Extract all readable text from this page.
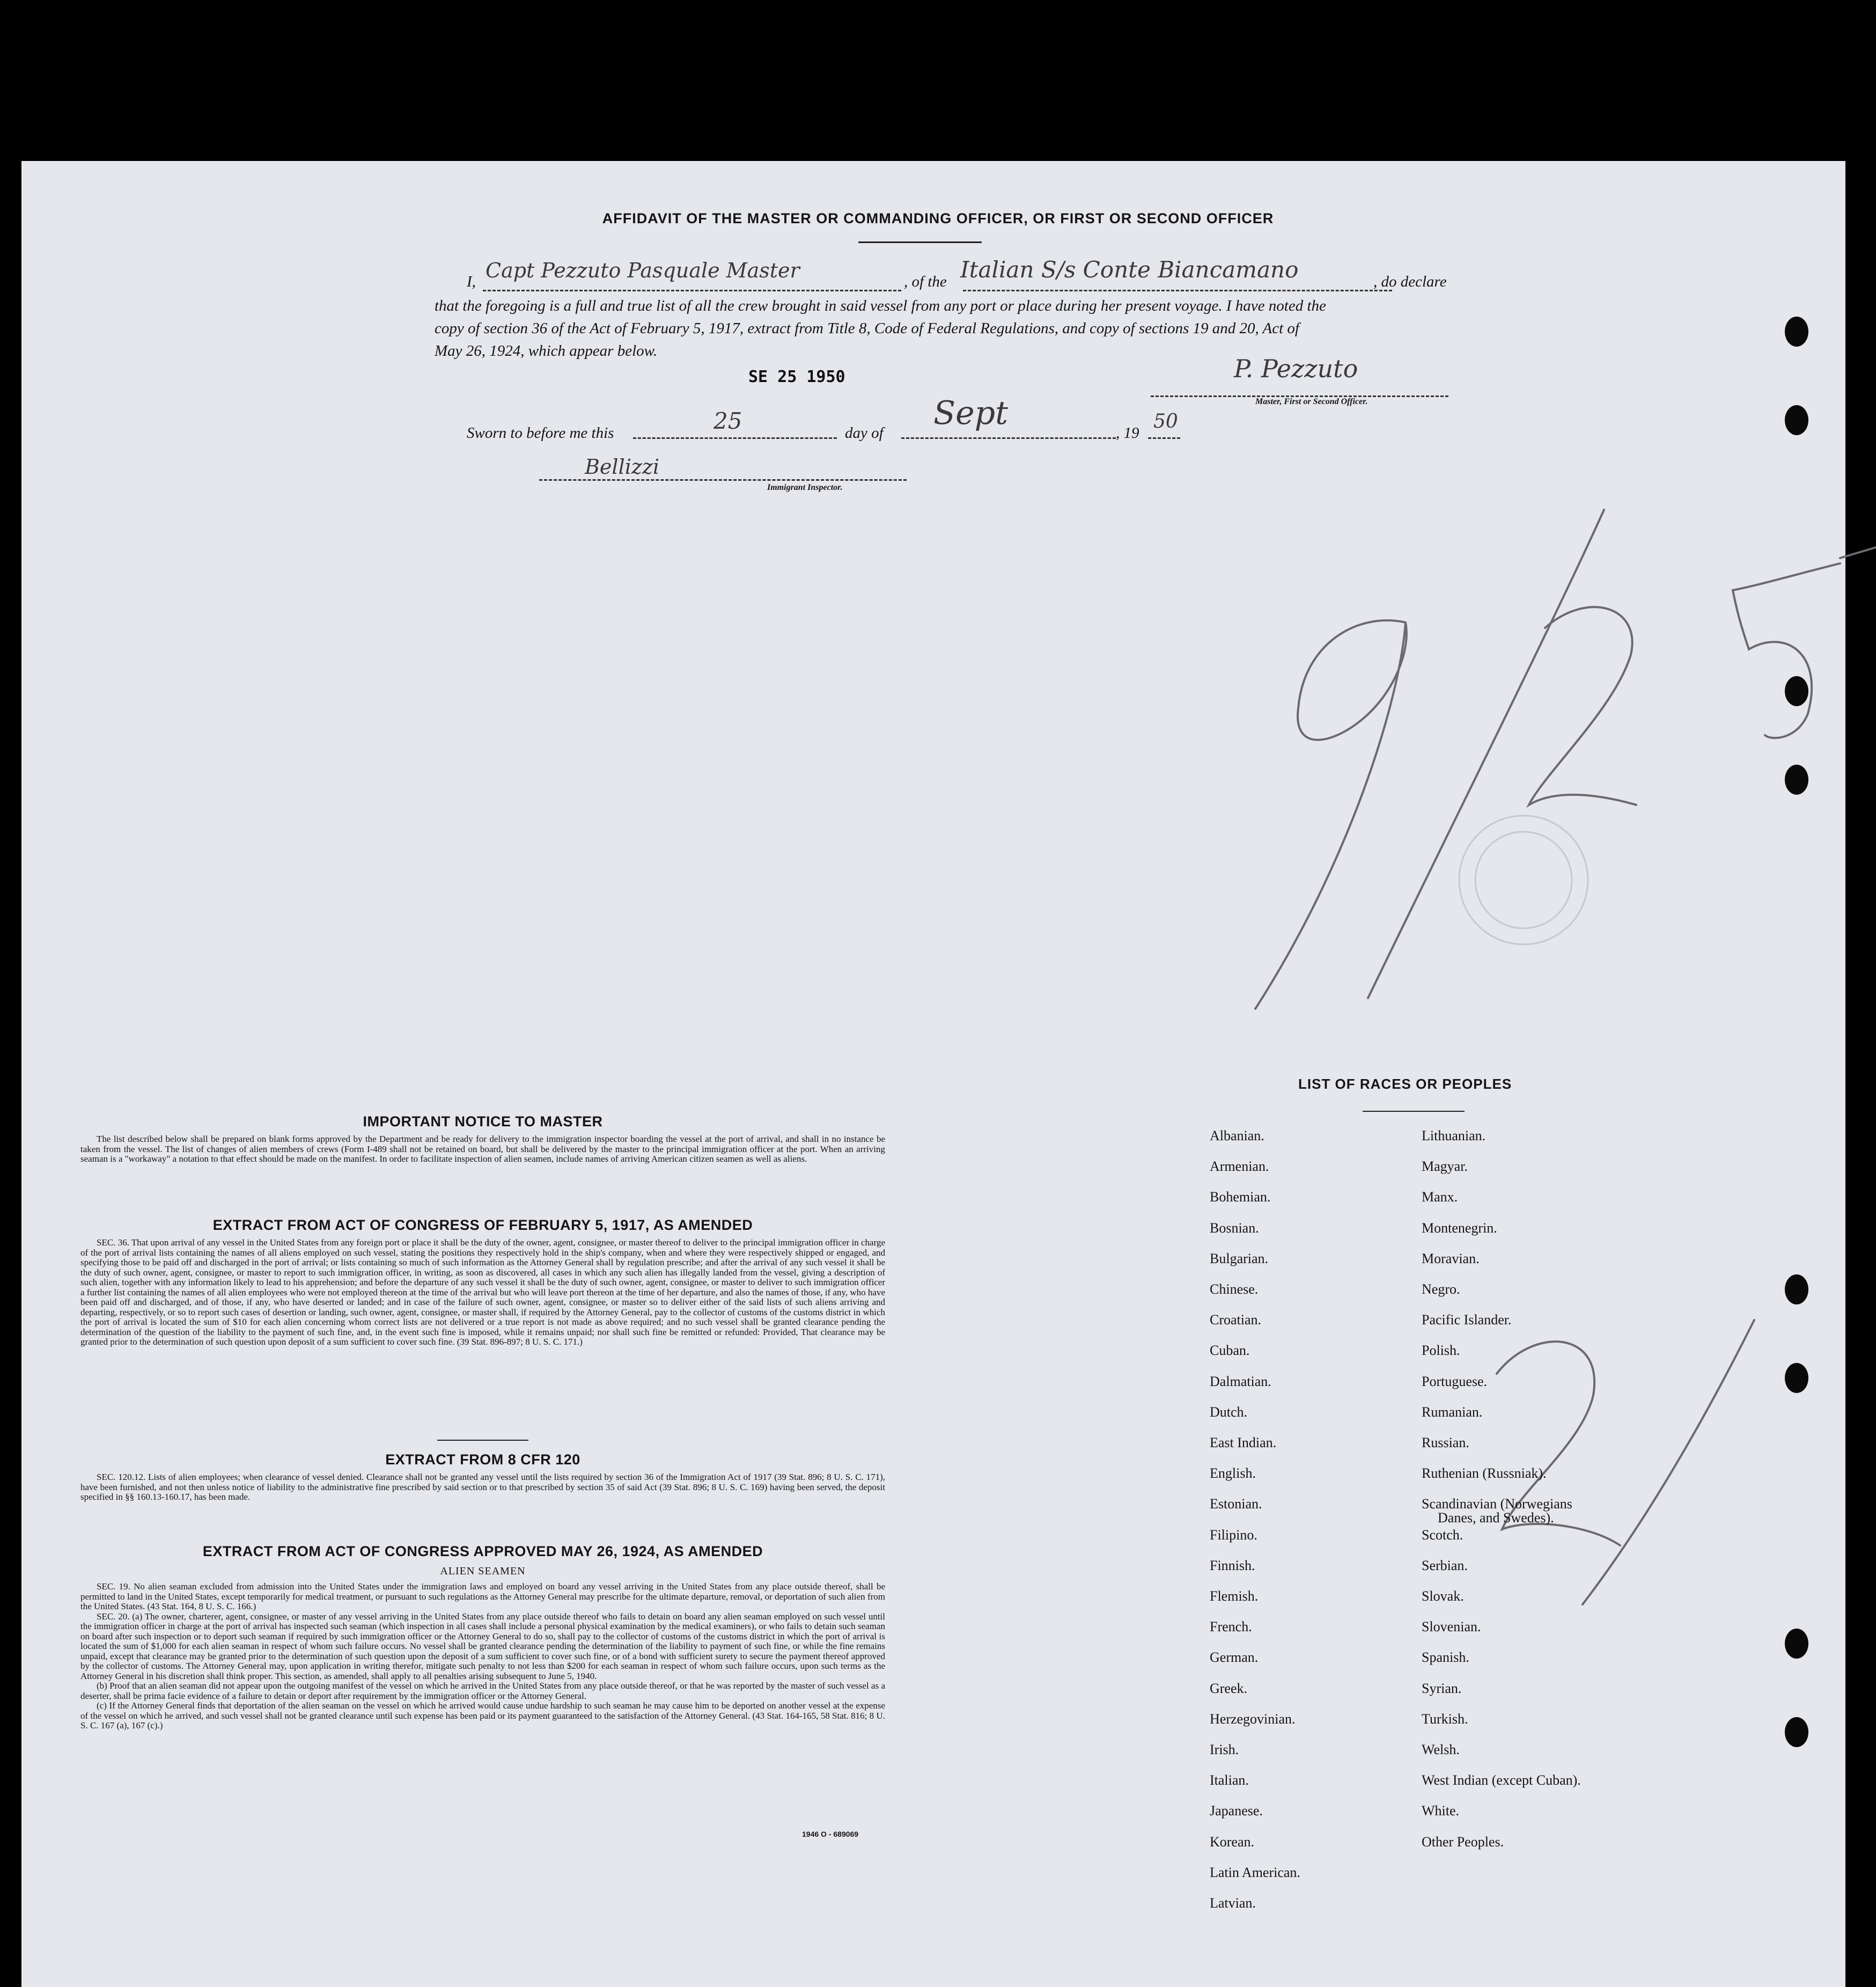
AFFIDAVIT OF THE MASTER OR COMMANDING OFFICER, OR FIRST OR SECOND OFFICER
I, Capt Pezzuto Pasquale Master	, of the Italian S/s Conte Biancamano	, do declare
that the foregoing is a full and true list of all the crew brought in said vessel from any port or place during her present voyage. I have noted the
copy of section 36 of the Act of February 5, 1917, extract from Title 8, Code of Federal Regulations, and copy of sections 19 and 20, Act of
May 26, 1924, which appear below.
SE 25 1950	P. Pezzuto
Master, First or Second Officer.
Sworn to before me this	25	day of
Sept
, 19
50
Bellizzi
Immigrant Inspector.
IMPORTANT NOTICE TO MASTER

The list described below shall be prepared on blank forms approved by the Department and be ready for delivery to the immigration inspector boarding the vessel at the port of arrival, and shall in no instance be taken from the vessel. The list of changes of alien members of crews (Form I-489 shall not be retained on board, but shall be delivered by the master to the principal immigration officer at the port. When an arriving seaman is a "workaway" a notation to that effect should be made on the manifest. In order to facilitate inspection of alien seamen, include names of arriving American citizen seamen as well as aliens.

EXTRACT FROM ACT OF CONGRESS OF FEBRUARY 5, 1917, AS AMENDED

SEC. 36. That upon arrival of any vessel in the United States from any foreign port or place it shall be the duty of the owner, agent, consignee, or master thereof to deliver to the principal immigration officer in charge of the port of arrival lists containing the names of all aliens employed on such vessel, stating the positions they respectively hold in the ship's company, when and where they were respectively shipped or engaged, and specifying those to be paid off and discharged in the port of arrival; or lists containing so much of such information as the Attorney General shall by regulation prescribe; and after the arrival of any such vessel it shall be the duty of such owner, agent, consignee, or master to report to such immigration officer, in writing, as soon as discovered, all cases in which any such alien has illegally landed from the vessel, giving a description of such alien, together with any information likely to lead to his apprehension; and before the departure of any such vessel it shall be the duty of such owner, agent, consignee, or master to deliver to such immigration officer a further list containing the names of all alien employees who were not employed thereon at the time of the arrival but who will leave port thereon at the time of her departure, and also the names of those, if any, who have been paid off and discharged, and of those, if any, who have deserted or landed; and in case of the failure of such owner, agent, consignee, or master so to deliver either of the said lists of such aliens arriving and departing, respectively, or so to report such cases of desertion or landing, such owner, agent, consignee, or master shall, if required by the Attorney General, pay to the collector of customs of the customs district in which the port of arrival is located the sum of $10 for each alien concerning whom correct lists are not delivered or a true report is not made as above required; and no such vessel shall be granted clearance pending the determination of the question of the liability to the payment of such fine, and, in the event such fine is imposed, while it remains unpaid; nor shall such fine be remitted or refunded: Provided, That clearance may be granted prior to the determination of such question upon deposit of a sum sufficient to cover such fine. (39 Stat. 896-897; 8 U. S. C. 171.)

EXTRACT FROM 8 CFR 120

SEC. 120.12. Lists of alien employees; when clearance of vessel denied. Clearance shall not be granted any vessel until the lists required by section 36 of the Immigration Act of 1917 (39 Stat. 896; 8 U. S. C. 171), have been furnished, and not then unless notice of liability to the administrative fine prescribed by said section or to that prescribed by section 35 of said Act (39 Stat. 896; 8 U. S. C. 169) having been served, the deposit specified in §§ 160.13-160.17, has been made.

EXTRACT FROM ACT OF CONGRESS APPROVED MAY 26, 1924, AS AMENDED
ALIEN SEAMEN

SEC. 19. No alien seaman excluded from admission into the United States under the immigration laws and employed on board any vessel arriving in the United States from any place outside thereof, shall be permitted to land in the United States, except temporarily for medical treatment, or pursuant to such regulations as the Attorney General may prescribe for the ultimate departure, removal, or deportation of such alien from the United States. (43 Stat. 164, 8 U. S. C. 166.)

SEC. 20. (a) The owner, charterer, agent, consignee, or master of any vessel arriving in the United States from any place outside thereof who fails to detain on board any alien seaman employed on such vessel until the immigration officer in charge at the port of arrival has inspected such seaman (which inspection in all cases shall include a personal physical examination by the medical examiners), or who fails to detain such seaman on board after such inspection or to deport such seaman if required by such immigration officer or the Attorney General to do so, shall pay to the collector of customs of the customs district in which the port of arrival is located the sum of $1,000 for each alien seaman in respect of whom such failure occurs. No vessel shall be granted clearance pending the determination of the liability to payment of such fine, or while the fine remains unpaid, except that clearance may be granted prior to the determination of such question upon the deposit of a sum sufficient to cover such fine, or of a bond with sufficient surety to secure the payment thereof approved by the collector of customs. The Attorney General may, upon application in writing therefor, mitigate such penalty to not less than $200 for each seaman in respect of whom such failure occurs, upon such terms as the Attorney General in his discretion shall think proper. This section, as amended, shall apply to all penalties arising subsequent to June 5, 1940.

(b) Proof that an alien seaman did not appear upon the outgoing manifest of the vessel on which he arrived in the United States from any place outside thereof, or that he was reported by the master of such vessel as a deserter, shall be prima facie evidence of a failure to detain or deport after requirement by the immigration officer or the Attorney General.

(c) If the Attorney General finds that deportation of the alien seaman on the vessel on which he arrived would cause undue hardship to such seaman he may cause him to be deported on another vessel at the expense of the vessel on which he arrived, and such vessel shall not be granted clearance until such expense has been paid or its payment guaranteed to the satisfaction of the Attorney General. (43 Stat. 164-165, 58 Stat. 816; 8 U. S. C. 167 (a), 167 (c).)

1946 O - 689069
LIST OF RACES OR PEOPLES
Albanian.
Armenian.
Bohemian.
Bosnian.
Bulgarian.
Chinese.
Croatian.
Cuban.
Dalmatian.
Dutch.
East Indian.
English.
Estonian.
Filipino.
Finnish.
Flemish.
French.
German.
Greek.
Herzegovinian.
Irish.
Italian.
Japanese.
Korean.
Latin American.
Latvian.
Lithuanian.
Magyar.
Manx.
Montenegrin.
Moravian.
Negro.
Pacific Islander.
Polish.
Portuguese.
Rumanian.
Russian.
Ruthenian (Russniak).
Scandinavian (Norwegians
Danes, and Swedes).
Scotch.
Serbian.
Slovak.
Slovenian.
Spanish.
Syrian.
Turkish.
Welsh.
West Indian (except Cuban).
White.
Other Peoples.
